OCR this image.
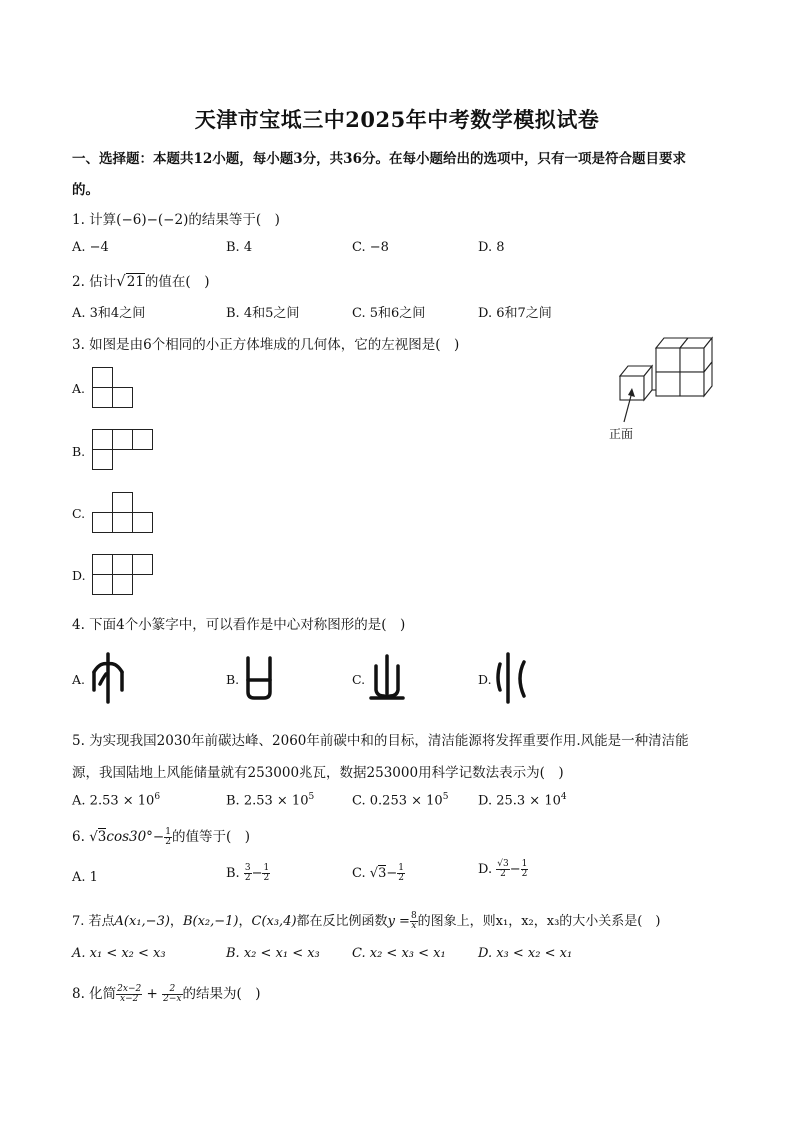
天津市宝坻三中2025年中考数学模拟试卷
一、选择题：本题共12小题，每小题3分，共36分。在每小题给出的选项中，只有一项是符合题目要求
的。
1. 计算(−6)−(−2)的结果等于(　)
A. −4	B. 4	C. −8	D. 8
2. 估计√21的值在(　)
A. 3和4之间	B. 4和5之间	C. 5和6之间	D. 6和7之间
3. 如图是由6个相同的小正方体堆成的几何体，它的左视图是(　)
A.
B.
C.
D.
正面
4. 下面4个小篆字中，可以看作是中心对称图形的是(　)
A.	B.	C.	D.
5. 为实现我国2030年前碳达峰、2060年前碳中和的目标，清洁能源将发挥重要作用.风能是一种清洁能
源，我国陆地上风能储量就有253000兆瓦，数据253000用科学记数法表示为(　)
A. $2.53 \times 10^6$	B. $2.53 \times 10^5$	C. $0.253 \times 10^5$ D. $25.3 \times 10^4$
6. $√3\cos 30^\circ- \frac{1}{2}$ 的值等于(　)
A. 1	B. $\frac{3}{2} - \frac{1}{2}$	C. $√3- \frac{1}{2}$	D. $\frac{√3}{2} - \frac{1}{2}$
7. 若点A(x₁,−3)，B(x₂,−1)，C(x₃,4)都在反比例函数$y = \frac{8}{x}$ 的图象上，则x₁，x₂，x₃的大小关系是(　)
A. x₁ < x₂ < x₃	B. x₂ < x₁ < x₃ C. x₂ < x₃ < x₁ D. x₃ < x₂ < x₁
8. 化简 $\frac{2x-2}{x-2} + \frac{2}{2-x}$ 的结果为(　)
